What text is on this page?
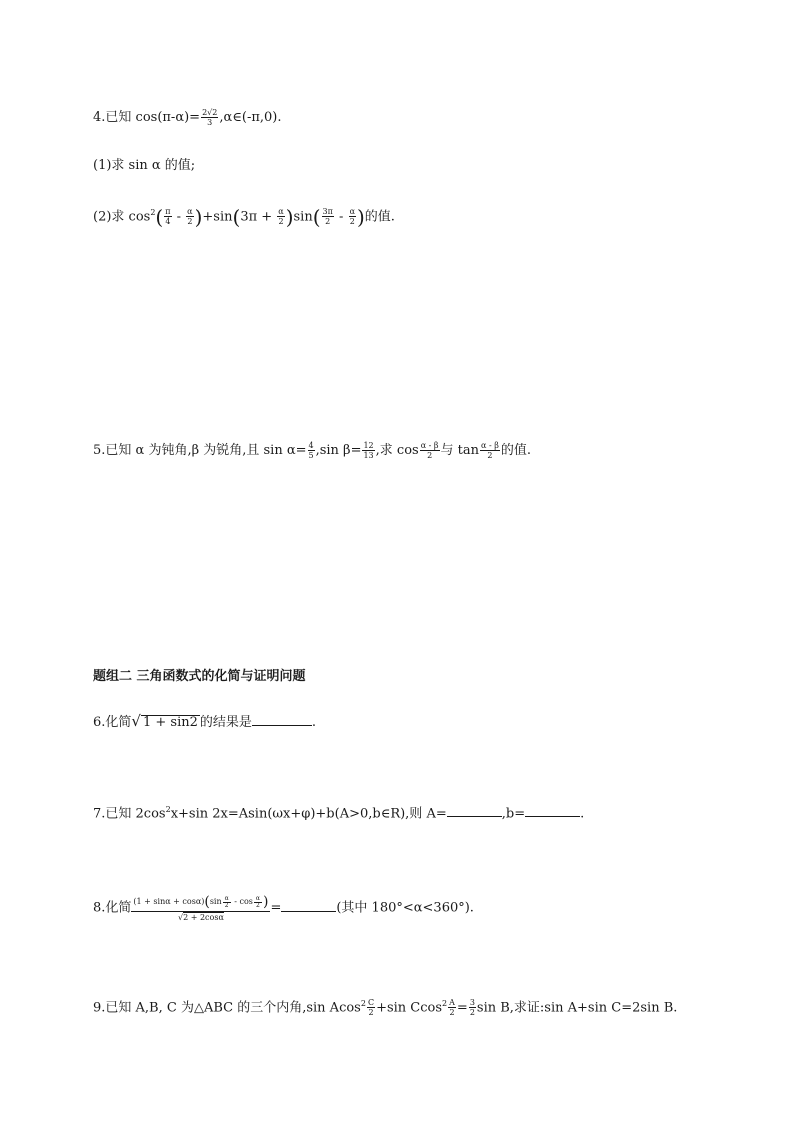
4.已知 $\cos(\pi-\alpha)= \frac{2√2}{3}$ ,α∈(-π,0).
(1)求 sin α 的值;
(2)求 $\cos^2( \frac{\pi}{4} - \frac{\alpha}{2} )+\sin(3\pi + \frac{\alpha}{2} )\sin( \frac{3\pi}{2} - \frac{\alpha}{2}$ )的值.
5.已知 α 为钝角,β 为锐角,且 $\sin \alpha= \frac{4}{5} ,\sin$ $\beta= \frac{12}{13}$ ,求 $\cos \frac{\alpha - \beta}{2}$ 与 $\tan \frac{\alpha - \beta}{2}$ 的值.
题组二 三角函数式的化简与证明问题
6.化简√ 1 + sin2 的结果是	.
7.已知 $2\cos^2x+\sin$ 2x=Asin(ωx+φ)+b(A>0,b∈R),则 A=	,b=	.
8.化简 $\frac{(1 + \sin\alpha + \cos\alpha)(\sin \frac{\alpha}{2} - \cos \frac{\alpha}{2} )}{√2 + 2\cos\alpha}$ =	(其中 180°<α<360°).
9.已知 A,B, C 为△ABC 的三个内角,sin $Acos^2 \frac{C}{2} +\sin$ $Ccos^2 \frac{A}{2} = \frac{3}{2}$ sin B,求证:sin A+sin C=2sin B.
